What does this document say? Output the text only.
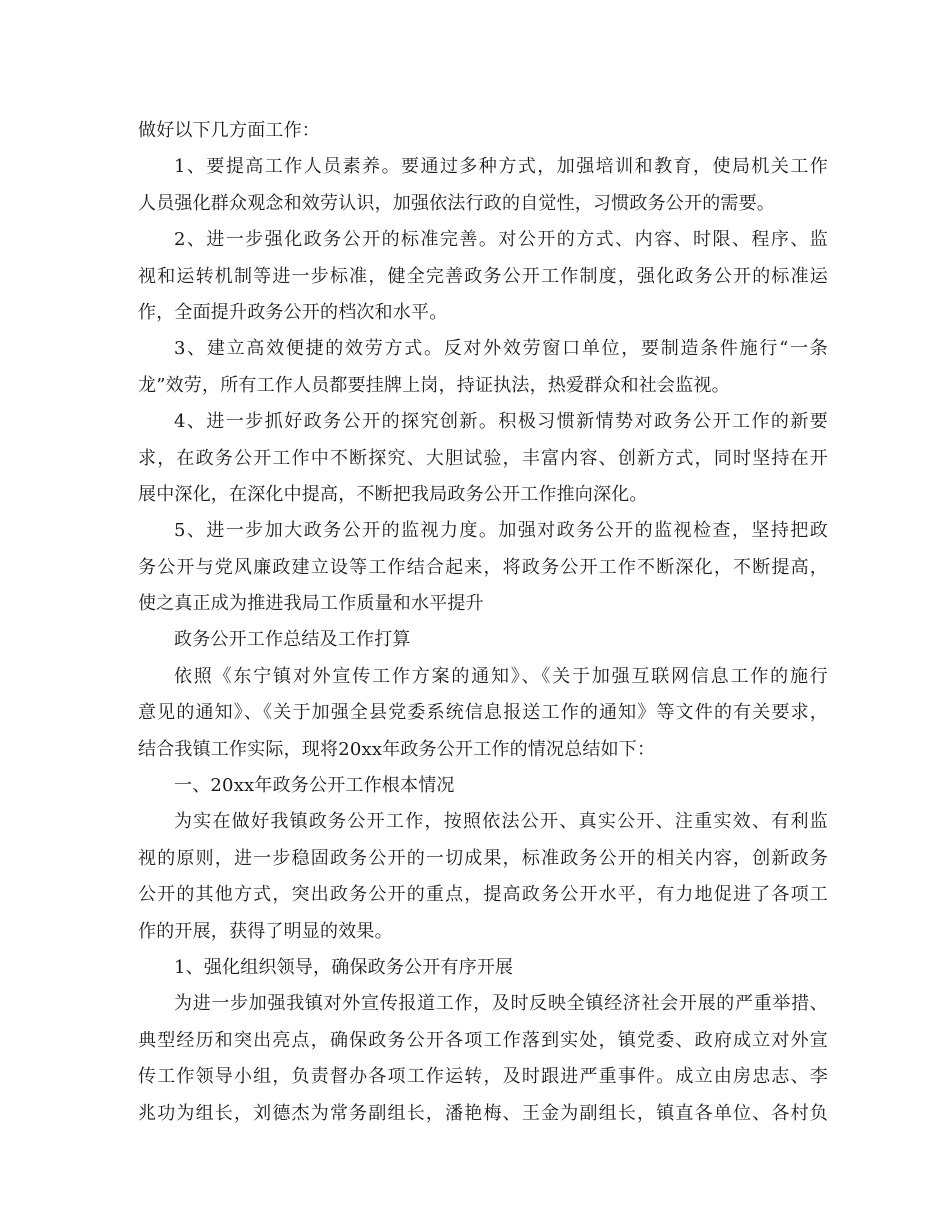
做好以下几方面工作：
1、要提高工作人员素养。要通过多种方式，加强培训和教育，使局机关工作
人员强化群众观念和效劳认识，加强依法行政的自觉性，习惯政务公开的需要。
2、进一步强化政务公开的标准完善。对公开的方式、内容、时限、程序、监
视和运转机制等进一步标准，健全完善政务公开工作制度，强化政务公开的标准运
作，全面提升政务公开的档次和水平。
3、建立高效便捷的效劳方式。反对外效劳窗口单位，要制造条件施行“一条
龙”效劳，所有工作人员都要挂牌上岗，持证执法，热爱群众和社会监视。
4、进一步抓好政务公开的探究创新。积极习惯新情势对政务公开工作的新要
求，在政务公开工作中不断探究、大胆试验，丰富内容、创新方式，同时坚持在开
展中深化，在深化中提高，不断把我局政务公开工作推向深化。
5、进一步加大政务公开的监视力度。加强对政务公开的监视检查，坚持把政
务公开与党风廉政建立设等工作结合起来，将政务公开工作不断深化，不断提高，
使之真正成为推进我局工作质量和水平提升
政务公开工作总结及工作打算
依照《东宁镇对外宣传工作方案的通知》、《关于加强互联网信息工作的施行
意见的通知》、《关于加强全县党委系统信息报送工作的通知》等文件的有关要求，
结合我镇工作实际，现将20xx年政务公开工作的情况总结如下：
一、20xx年政务公开工作根本情况
为实在做好我镇政务公开工作，按照依法公开、真实公开、注重实效、有利监
视的原则，进一步稳固政务公开的一切成果，标准政务公开的相关内容，创新政务
公开的其他方式，突出政务公开的重点，提高政务公开水平，有力地促进了各项工
作的开展，获得了明显的效果。
1、强化组织领导，确保政务公开有序开展
为进一步加强我镇对外宣传报道工作，及时反映全镇经济社会开展的严重举措、
典型经历和突出亮点，确保政务公开各项工作落到实处，镇党委、政府成立对外宣
传工作领导小组，负责督办各项工作运转，及时跟进严重事件。成立由房忠志、李
兆功为组长，刘德杰为常务副组长，潘艳梅、王金为副组长，镇直各单位、各村负
